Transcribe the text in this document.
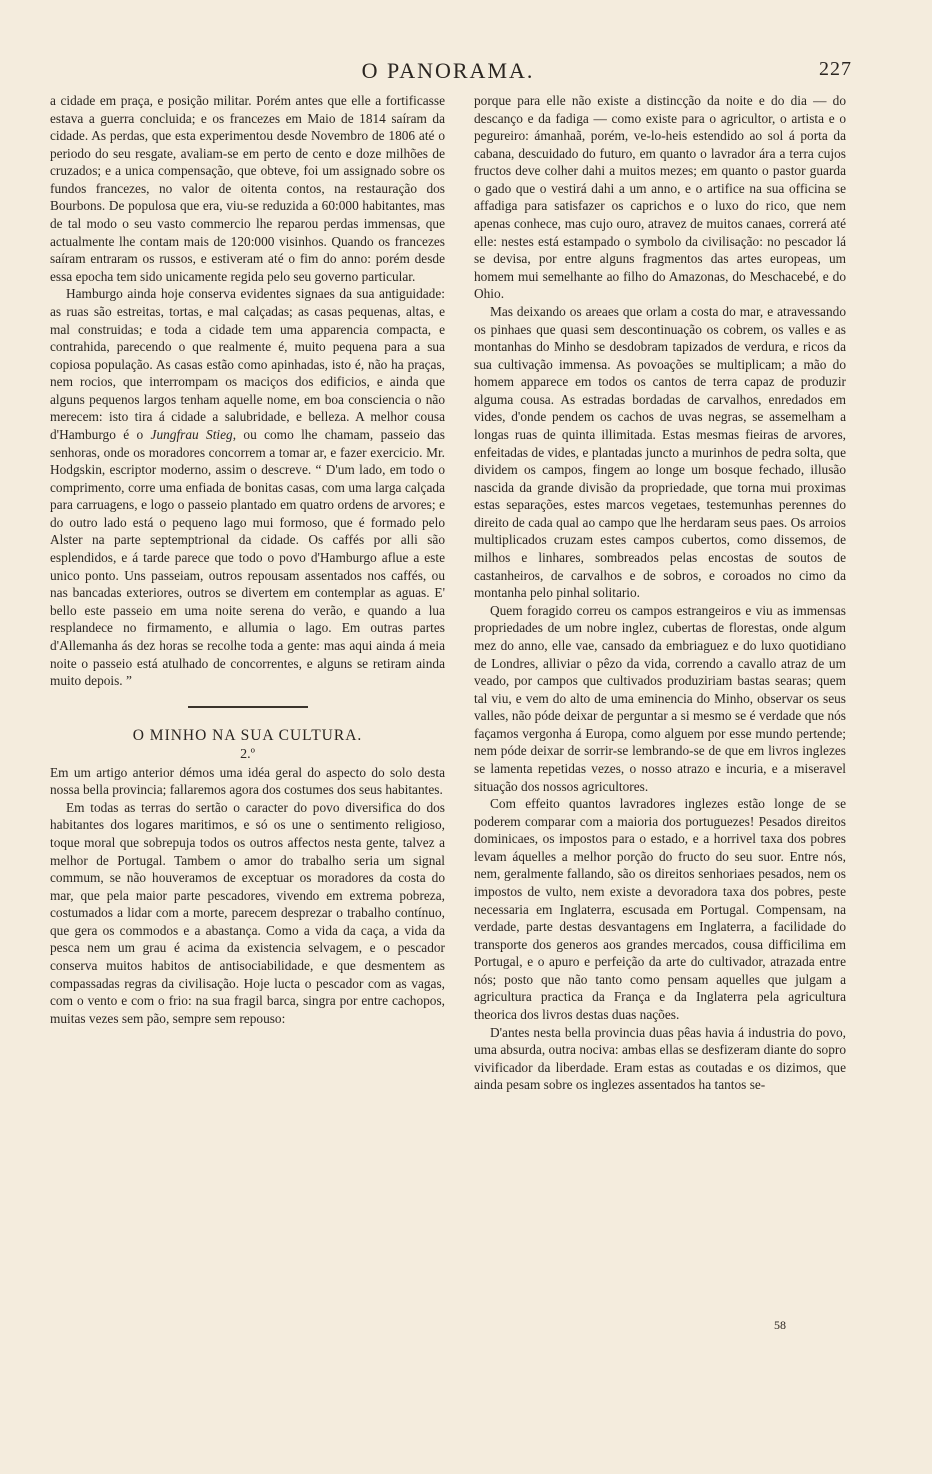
O PANORAMA.	227

a cidade em praça, e posição militar. Porém antes que elle a fortificasse estava a guerra concluida; e os francezes em Maio de 1814 saíram da cidade. As perdas, que esta experimentou desde Novembro de 1806 até o periodo do seu resgate, avaliam-se em perto de cento e doze milhões de cruzados; e a unica compensação, que obteve, foi um assignado sobre os fundos francezes, no valor de oitenta contos, na restauração dos Bourbons. De populosa que era, viu-se reduzida a 60:000 habitantes, mas de tal modo o seu vasto commercio lhe reparou perdas immensas, que actualmente lhe contam mais de 120:000 visinhos. Quando os francezes saíram entraram os russos, e estiveram até o fim do anno: porém desde essa epocha tem sido unicamente regida pelo seu governo particular.

Hamburgo ainda hoje conserva evidentes signaes da sua antiguidade: as ruas são estreitas, tortas, e mal calçadas; as casas pequenas, altas, e mal construidas; e toda a cidade tem uma apparencia compacta, e contrahida, parecendo o que realmente é, muito pequena para a sua copiosa população. As casas estão como apinhadas, isto é, não ha praças, nem rocios, que interrompam os maciços dos edificios, e ainda que alguns pequenos largos tenham aquelle nome, em boa consciencia o não merecem: isto tira á cidade a salubridade, e belleza. A melhor cousa d'Hamburgo é o Jungfrau Stieg, ou como lhe chamam, passeio das senhoras, onde os moradores concorrem a tomar ar, e fazer exercicio. Mr. Hodgskin, escriptor moderno, assim o descreve. “ D'um lado, em todo o comprimento, corre uma enfiada de bonitas casas, com uma larga calçada para carruagens, e logo o passeio plantado em quatro ordens de arvores; e do outro lado está o pequeno lago mui formoso, que é formado pelo Alster na parte septemptrional da cidade. Os caffés por alli são esplendidos, e á tarde parece que todo o povo d'Hamburgo aflue a este unico ponto. Uns passeiam, outros repousam assentados nos caffés, ou nas bancadas exteriores, outros se divertem em contemplar as aguas. E' bello este passeio em uma noite serena do verão, e quando a lua resplandece no firmamento, e allumia o lago. Em outras partes d'Allemanha ás dez horas se recolhe toda a gente: mas aqui ainda á meia noite o passeio está atulhado de concorrentes, e alguns se retiram ainda muito depois. ”

O MINHO NA SUA CULTURA.

2.º

Em um artigo anterior démos uma idéa geral do aspecto do solo desta nossa bella provincia; fallaremos agora dos costumes dos seus habitantes.

Em todas as terras do sertão o caracter do povo diversifica do dos habitantes dos logares maritimos, e só os une o sentimento religioso, toque moral que sobrepuja todos os outros affectos nesta gente, talvez a melhor de Portugal. Tambem o amor do trabalho seria um signal commum, se não houveramos de exceptuar os moradores da costa do mar, que pela maior parte pescadores, vivendo em extrema pobreza, costumados a lidar com a morte, parecem desprezar o trabalho contínuo, que gera os commodos e a abastança. Como a vida da caça, a vida da pesca nem um grau é acima da existencia selvagem, e o pescador conserva muitos habitos de antisociabilidade, e que desmentem as compassadas regras da civilisação. Hoje lucta o pescador com as vagas, com o vento e com o frio: na sua fragil barca, singra por entre cachopos, muitas vezes sem pão, sempre sem repouso:

porque para elle não existe a distincção da noite e do dia — do descanço e da fadiga — como existe para o agricultor, o artista e o pegureiro: ámanhaã, porém, ve-lo-heis estendido ao sol á porta da cabana, descuidado do futuro, em quanto o lavrador ára a terra cujos fructos deve colher dahi a muitos mezes; em quanto o pastor guarda o gado que o vestirá dahi a um anno, e o artifice na sua officina se affadiga para satisfazer os caprichos e o luxo do rico, que nem apenas conhece, mas cujo ouro, atravez de muitos canaes, correrá até elle: nestes está estampado o symbolo da civilisação: no pescador lá se devisa, por entre alguns fragmentos das artes europeas, um homem mui semelhante ao filho do Amazonas, do Meschacebé, e do Ohio.

Mas deixando os areaes que orlam a costa do mar, e atravessando os pinhaes que quasi sem descontinuação os cobrem, os valles e as montanhas do Minho se desdobram tapizados de verdura, e ricos da sua cultivação immensa. As povoações se multiplicam; a mão do homem apparece em todos os cantos de terra capaz de produzir alguma cousa. As estradas bordadas de carvalhos, enredados em vides, d'onde pendem os cachos de uvas negras, se assemelham a longas ruas de quinta illimitada. Estas mesmas fieiras de arvores, enfeitadas de vides, e plantadas juncto a murinhos de pedra solta, que dividem os campos, fingem ao longe um bosque fechado, illusão nascida da grande divisão da propriedade, que torna mui proximas estas separações, estes marcos vegetaes, testemunhas perennes do direito de cada qual ao campo que lhe herdaram seus paes. Os arroios multiplicados cruzam estes campos cubertos, como dissemos, de milhos e linhares, sombreados pelas encostas de soutos de castanheiros, de carvalhos e de sobros, e coroados no cimo da montanha pelo pinhal solitario.

Quem foragido correu os campos estrangeiros e viu as immensas propriedades de um nobre inglez, cubertas de florestas, onde algum mez do anno, elle vae, cansado da embriaguez e do luxo quotidiano de Londres, alliviar o pêzo da vida, correndo a cavallo atraz de um veado, por campos que cultivados produziriam bastas searas; quem tal viu, e vem do alto de uma eminencia do Minho, observar os seus valles, não póde deixar de perguntar a si mesmo se é verdade que nós façamos vergonha á Europa, como alguem por esse mundo pertende; nem póde deixar de sorrir-se lembrando-se de que em livros inglezes se lamenta repetidas vezes, o nosso atrazo e incuria, e a miseravel situação dos nossos agricultores.

Com effeito quantos lavradores inglezes estão longe de se poderem comparar com a maioria dos portuguezes! Pesados direitos dominicaes, os impostos para o estado, e a horrivel taxa dos pobres levam áquelles a melhor porção do fructo do seu suor. Entre nós, nem, geralmente fallando, são os direitos senhoriaes pesados, nem os impostos de vulto, nem existe a devoradora taxa dos pobres, peste necessaria em Inglaterra, escusada em Portugal. Compensam, na verdade, parte destas desvantagens em Inglaterra, a facilidade do transporte dos generos aos grandes mercados, cousa difficilima em Portugal, e o apuro e perfeição da arte do cultivador, atrazada entre nós; posto que não tanto como pensam aquelles que julgam a agricultura practica da França e da Inglaterra pela agricultura theorica dos livros destas duas nações.

D'antes nesta bella provincia duas pêas havia á industria do povo, uma absurda, outra nociva: ambas ellas se desfizeram diante do sopro vivificador da liberdade. Eram estas as coutadas e os dizimos, que ainda pesam sobre os inglezes assentados ha tantos se-

58
